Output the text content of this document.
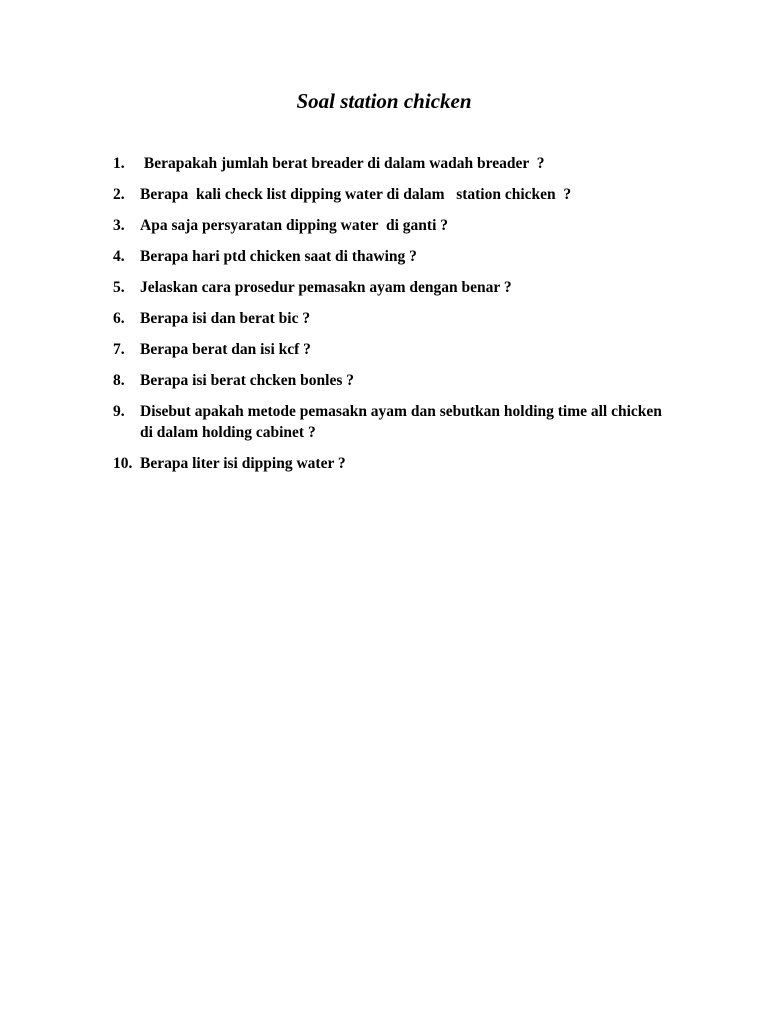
Soal station chicken
1. Berapakah jumlah berat breader di dalam wadah breader  ?
2. Berapa  kali check list dipping water di dalam   station chicken  ?
3. Apa saja persyaratan dipping water  di ganti ?
4. Berapa hari ptd chicken saat di thawing ?
5. Jelaskan cara prosedur pemasakn ayam dengan benar ?
6. Berapa isi dan berat bic ?
7. Berapa berat dan isi kcf ?
8. Berapa isi berat chcken bonles ?
9. Disebut apakah metode pemasakn ayam dan sebutkan holding time all chicken di dalam holding cabinet ?
10. Berapa liter isi dipping water ?
